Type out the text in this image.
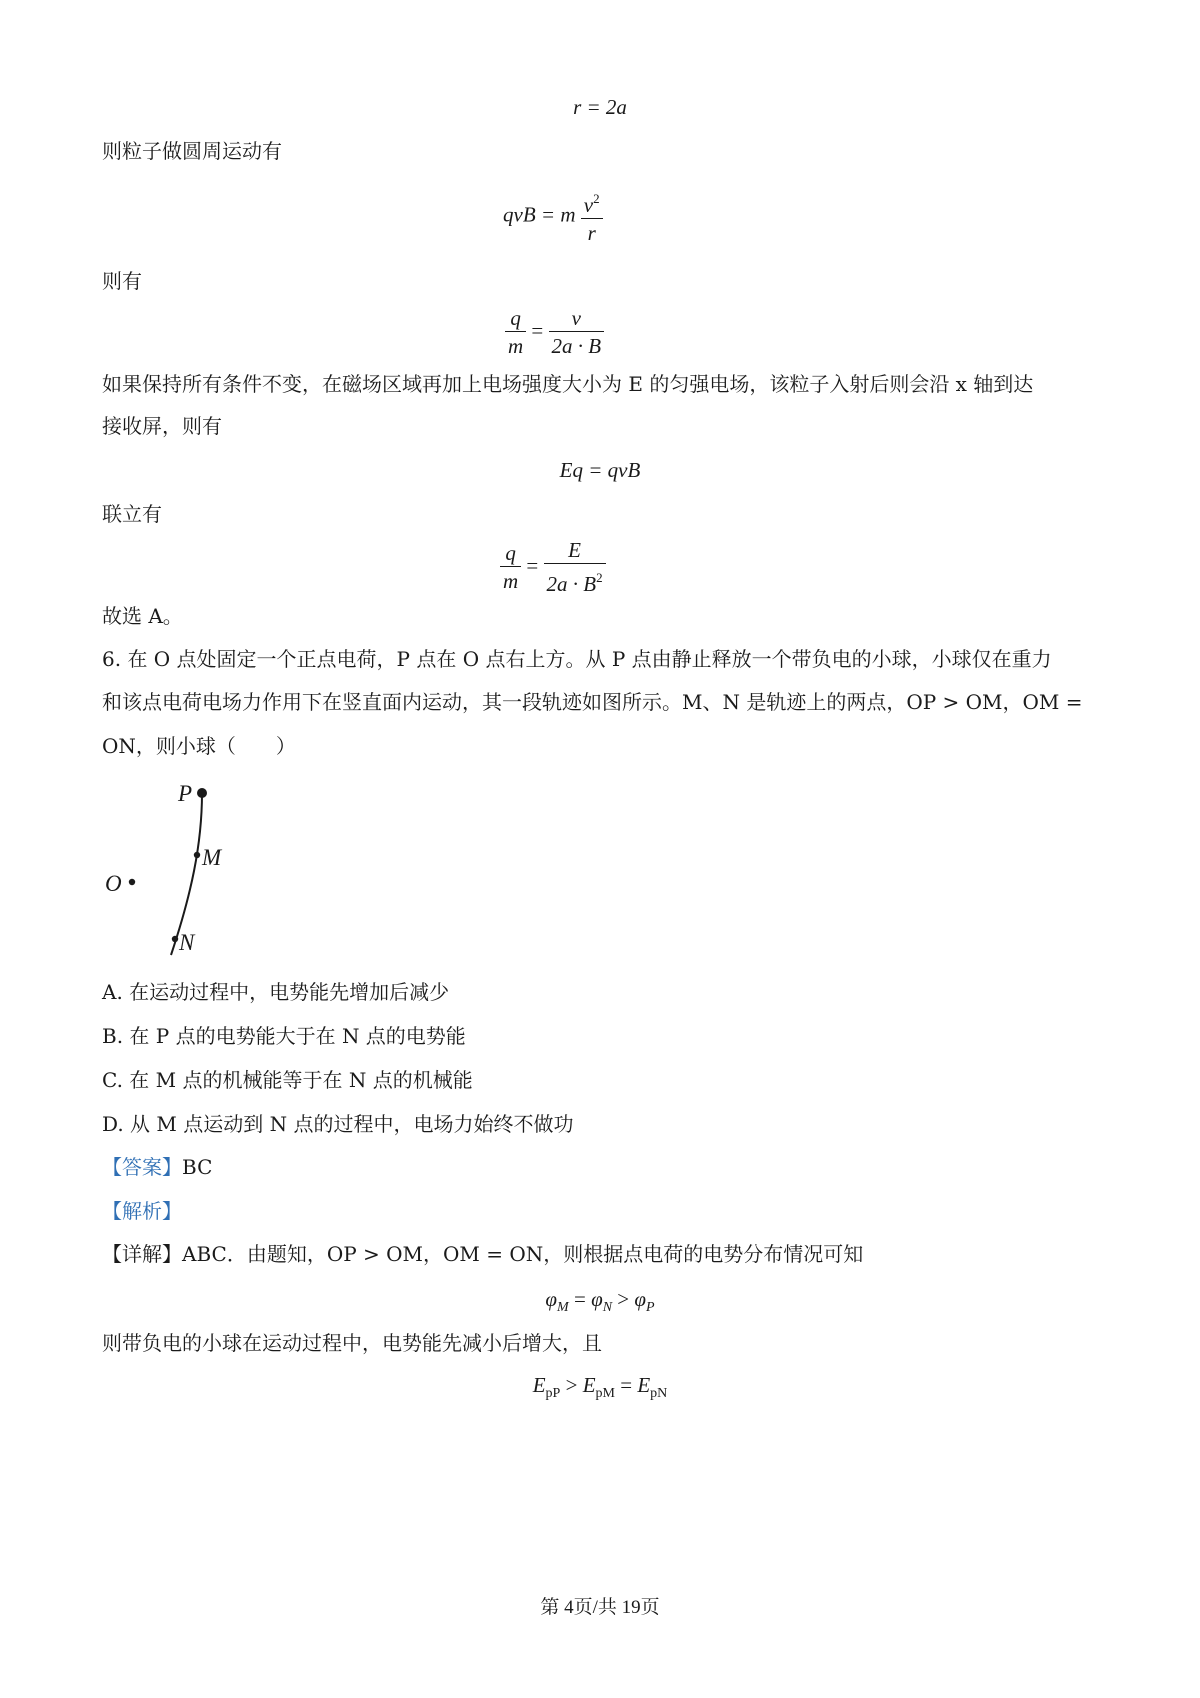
r = 2a
则粒子做圆周运动有
qvB = m $\frac{v^2}{r}$
则有
$\frac{q}{m} = \frac{v}{2a \cdot B}$
如果保持所有条件不变，在磁场区域再加上电场强度大小为 E 的匀强电场，该粒子入射后则会沿 x 轴到达
接收屏，则有
Eq = qvB
联立有
$\frac{q}{m} = \frac{E}{2a \cdot B^2}$
故选 A。
6. 在 O 点处固定一个正点电荷，P 点在 O 点右上方。从 P 点由静止释放一个带负电的小球，小球仅在重力
和该点电荷电场力作用下在竖直面内运动，其一段轨迹如图所示。M、N 是轨迹上的两点，OP > OM，OM =
ON，则小球（　　）
P
M
O
N
A. 在运动过程中，电势能先增加后减少
B. 在 P 点的电势能大于在 N 点的电势能
C. 在 M 点的机械能等于在 N 点的机械能
D. 从 M 点运动到 N 点的过程中，电场力始终不做功
【答案】BC
【解析】
【详解】ABC．由题知，OP > OM，OM = ON，则根据点电荷的电势分布情况可知
$\varphi_M = \varphi_N > \varphi_P$
则带负电的小球在运动过程中，电势能先减小后增大，且
$E_{pP} > E_{pM} = E_{pN}$
第 4页/共 19页
